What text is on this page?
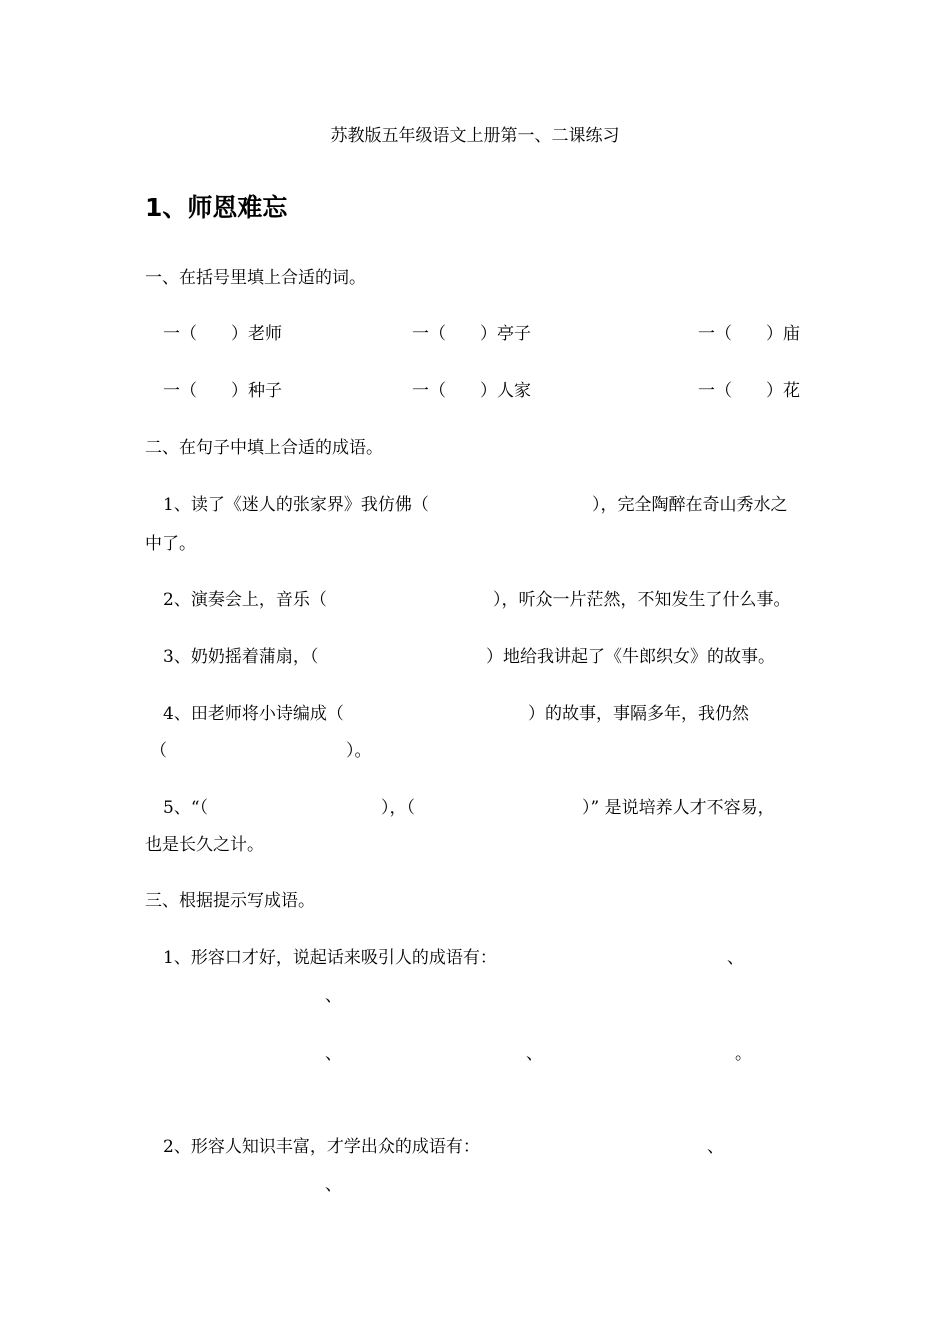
苏教版五年级语文上册第一、二课练习
1、师恩难忘
一、在括号里填上合适的词。
一（　　）老师	一（　　）亭子	一（　　）庙
一（　　）种子	一（　　）人家	一（　　）花
二、在句子中填上合适的成语。
1、读了《迷人的张家界》我仿佛（	），完全陶醉在奇山秀水之
中了。
2、演奏会上，音乐（	），听众一片茫然，不知发生了什么事。
3、奶奶摇着蒲扇，（	）地给我讲起了《牛郎织女》的故事。
4、田老师将小诗编成（	）的故事，事隔多年，我仍然
（	）。
5、“（	），（	）” 是说培养人才不容易，
也是长久之计。
三、根据提示写成语。
1、形容口才好，说起话来吸引人的成语有：	、
、
、	、	。
2、形容人知识丰富，才学出众的成语有：	、
、
